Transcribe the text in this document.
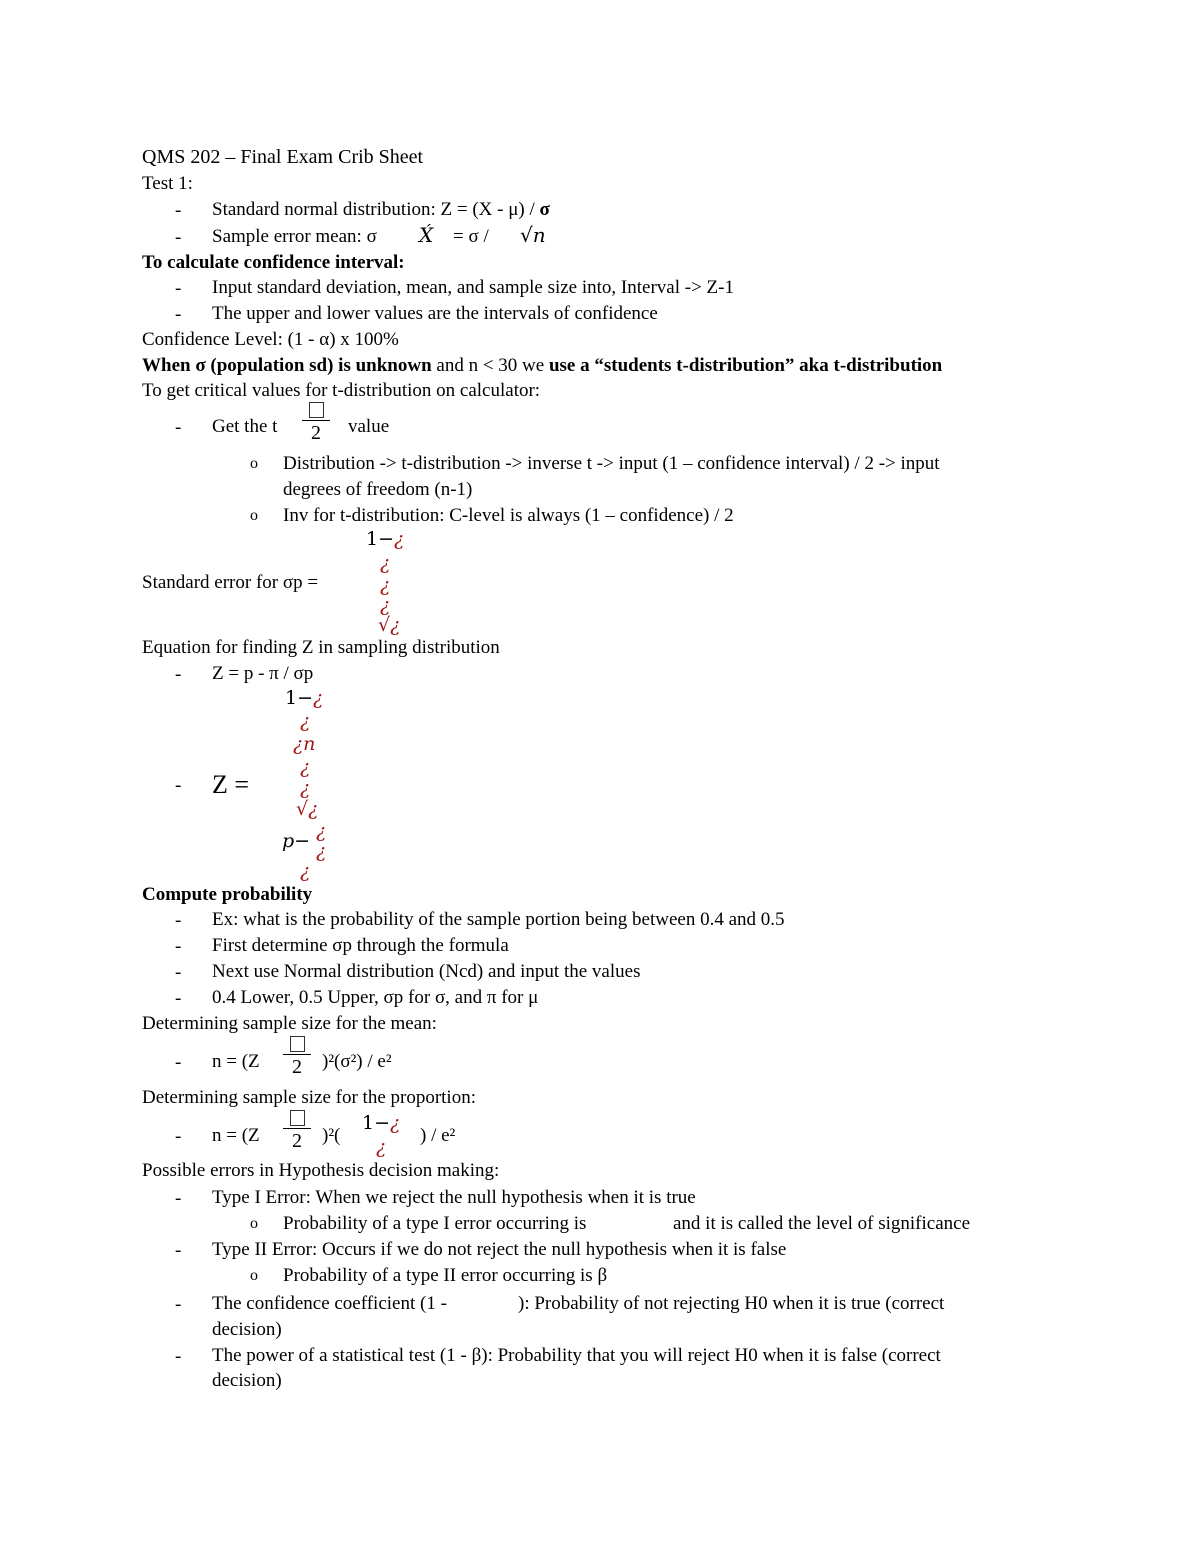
QMS 202 – Final Exam Crib Sheet
Test 1:
- Standard normal distribution: Z = (X - μ) / σ
- Sample error mean: σ X́ = σ / √n
To calculate confidence interval:
- Input standard deviation, mean, and sample size into, Interval -> Z-1
- The upper and lower values are the intervals of confidence
Confidence Level: (1 - α) x 100%
When σ (population sd) is unknown and n < 30 we use a “students t-distribution” aka t-distribution
To get critical values for t-distribution on calculator:
- Get the t	2	value
o Distribution -> t-distribution -> inverse t -> input (1 – confidence interval) / 2 -> input
degrees of freedom (n-1)
o Inv for t-distribution: C-level is always (1 – confidence) / 2
Standard error for σp =
1−¿
¿
¿
¿
√¿
Equation for finding Z in sampling distribution
- Z = p - π / σp
1−¿
¿
¿n
¿
- Z =	¿
√¿
p− ¿
¿
¿
Compute probability
- Ex: what is the probability of the sample portion being between 0.4 and 0.5
- First determine σp through the formula
- Next use Normal distribution (Ncd) and input the values
- 0.4 Lower, 0.5 Upper, σp for σ, and π for μ
Determining sample size for the mean:
- n = (Z	2	)²(σ²) / e²
Determining sample size for the proportion:
- n = (Z	2	)²(
1−¿
¿
) / e²
Possible errors in Hypothesis decision making:
- Type I Error: When we reject the null hypothesis when it is true
o Probability of a type I error occurring is	and it is called the level of significance
- Type II Error: Occurs if we do not reject the null hypothesis when it is false
o Probability of a type II error occurring is β
- The confidence coefficient (1 -	): Probability of not rejecting H0 when it is true (correct
decision)
- The power of a statistical test (1 - β): Probability that you will reject H0 when it is false (correct
decision)
